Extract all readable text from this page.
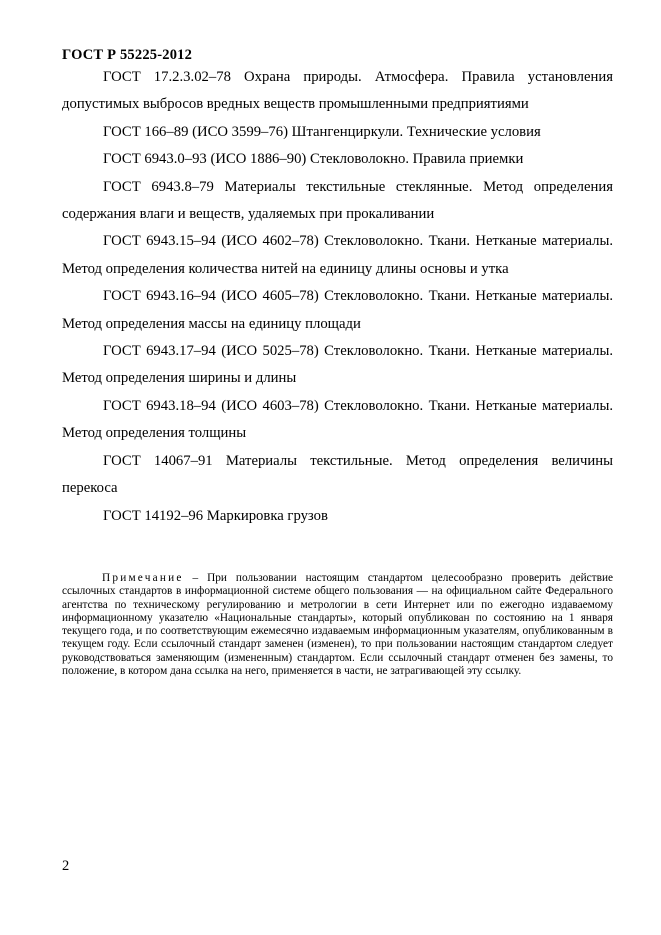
ГОСТ Р 55225-2012

ГОСТ 17.2.3.02–78 Охрана природы. Атмосфера. Правила установления допустимых выбросов вредных веществ промышленными предприятиями

ГОСТ 166–89 (ИСО 3599–76) Штангенциркули. Технические условия

ГОСТ 6943.0–93 (ИСО 1886–90) Стекловолокно. Правила приемки

ГОСТ 6943.8–79 Материалы текстильные стеклянные. Метод определения содержания влаги и веществ, удаляемых при прокаливании

ГОСТ 6943.15–94 (ИСО 4602–78) Стекловолокно. Ткани. Нетканые материалы. Метод определения количества нитей на единицу длины основы и утка

ГОСТ 6943.16–94 (ИСО 4605–78) Стекловолокно. Ткани. Нетканые материалы. Метод определения массы на единицу площади

ГОСТ 6943.17–94 (ИСО 5025–78) Стекловолокно. Ткани. Нетканые материалы. Метод определения ширины и длины

ГОСТ 6943.18–94 (ИСО 4603–78) Стекловолокно. Ткани. Нетканые материалы. Метод определения толщины

ГОСТ 14067–91 Материалы текстильные. Метод определения величины перекоса

ГОСТ 14192–96 Маркировка грузов

Примечание – При пользовании настоящим стандартом целесообразно проверить действие ссылочных стандартов в информационной системе общего пользования — на официальном сайте Федерального агентства по техническому регулированию и метрологии в сети Интернет или по ежегодно издаваемому информационному указателю «Национальные стандарты», который опубликован по состоянию на 1 января текущего года, и по соответствующим ежемесячно издаваемым информационным указателям, опубликованным в текущем году. Если ссылочный стандарт заменен (изменен), то при пользовании настоящим стандартом следует руководствоваться заменяющим (измененным) стандартом. Если ссылочный стандарт отменен без замены, то положение, в котором дана ссылка на него, применяется в части, не затрагивающей эту ссылку.
2
